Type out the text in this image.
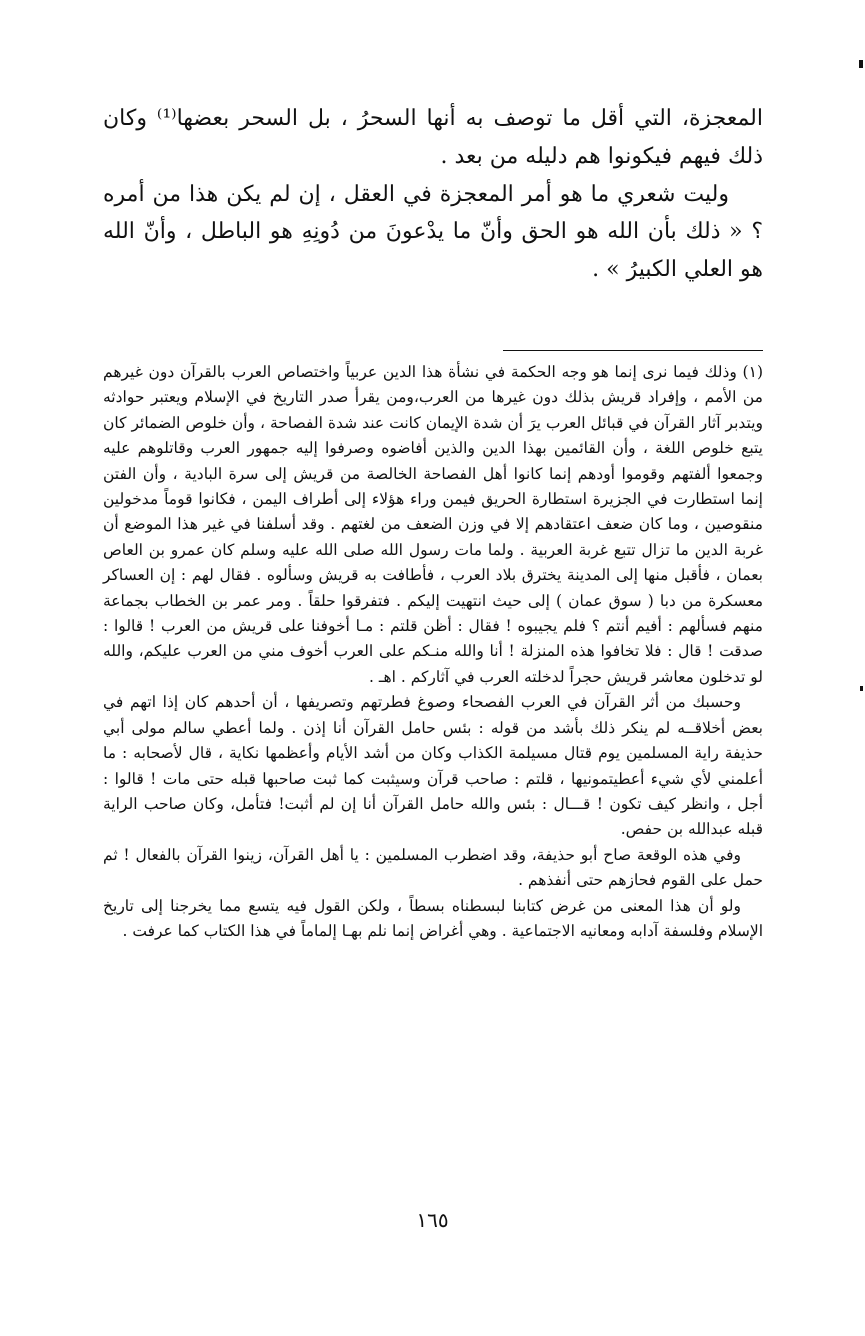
المعجزة، التي أقل ما توصف به أنها السحرُ ، بل السحر بعضها⁽¹⁾ وكان ذلك فيهم فيكونوا هم دليله من بعد .

وليت شعري ما هو أمر المعجزة في العقل ، إن لم يكن هذا من أمره ؟ « ذلك بأن الله هو الحق وأنّ ما يدْعونَ من دُونِهِ هو الباطل ، وأنّ الله هو العلي الكبيرُ » .

(١) وذلك فيما نرى إنما هو وجه الحكمة في نشأة هذا الدين عربياً واختصاص العرب بالقرآن دون غيرهم من الأمم ، وإفراد قريش بذلك دون غيرها من العرب،ومن يقرأ صدر التاريخ في الإسلام ويعتبر حوادثه ويتدبر آثار القرآن في قبائل العرب يرَ أن شدة الإيمان كانت عند شدة الفصاحة ، وأن خلوص الضمائر كان يتبع خلوص اللغة ، وأن القائمين بهذا الدين والذين أفاضوه وصرفوا إليه جمهور العرب وقاتلوهم عليه وجمعوا ألفتهم وقوموا أودهم إنما كانوا أهل الفصاحة الخالصة من قريش إلى سرة البادية ، وأن الفتن إنما استطارت في الجزيرة استطارة الحريق فيمن وراء هؤلاء إلى أطراف اليمن ، فكانوا قوماً مدخولين منقوصين ، وما كان ضعف اعتقادهم إلا في وزن الضعف من لغتهم . وقد أسلفنا في غير هذا الموضع أن غربة الدين ما تزال تتبع غربة العربية . ولما مات رسول الله صلى الله عليه وسلم كان عمرو بن العاص بعمان ، فأقبل منها إلى المدينة يخترق بلاد العرب ، فأطافت به قريش وسألوه . فقال لهم : إن العساكر معسكرة من دبا ( سوق عمان ) إلى حيث انتهيت إليكم . فتفرقوا حلقاً . ومر عمر بن الخطاب بجماعة منهم فسألهم : أفيم أنتم ؟ فلم يجيبوه ! فقال : أظن قلتم : مـا أخوفنا على قريش من العرب ! قالوا : صدقت ! قال : فلا تخافوا هذه المنزلة ! أنا والله منـكم على العرب أخوف مني من العرب عليكم، والله لو تدخلون معاشر قريش حجراً لدخلته العرب في آثاركم . اهـ .

وحسبك من أثر القرآن في العرب الفصحاء وصوغ فطرتهم وتصريفها ، أن أحدهم كان إذا اتهم في بعض أخلاقــه لم ينكر ذلك بأشد من قوله : بئس حامل القرآن أنا إذن . ولما أعطي سالم مولى أبي حذيفة راية المسلمين يوم قتال مسيلمة الكذاب وكان من أشد الأيام وأعظمها نكاية ، قال لأصحابه : ما أعلمني لأي شيء أعطيتمونيها ، قلتم : صاحب قرآن وسيثبت كما ثبت صاحبها قبله حتى مات ! قالوا : أجل ، وانظر كيف تكون ! قـــال : بئس والله حامل القرآن أنا إن لم أثبت! فتأمل، وكان صاحب الراية قبله عبدالله بن حفص.

وفي هذه الوقعة صاح أبو حذيفة، وقد اضطرب المسلمين : يا أهل القرآن، زينوا القرآن بالفعال ! ثم حمل على القوم فحازهم حتى أنفذهم .

ولو أن هذا المعنى من غرض كتابنا لبسطناه بسطاً ، ولكن القول فيه يتسع مما يخرجنا إلى تاريخ الإسلام وفلسفة آدابه ومعانيه الاجتماعية . وهي أغراض إنما نلم بهـا إلماماً في هذا الكتاب كما عرفت .

١٦٥
